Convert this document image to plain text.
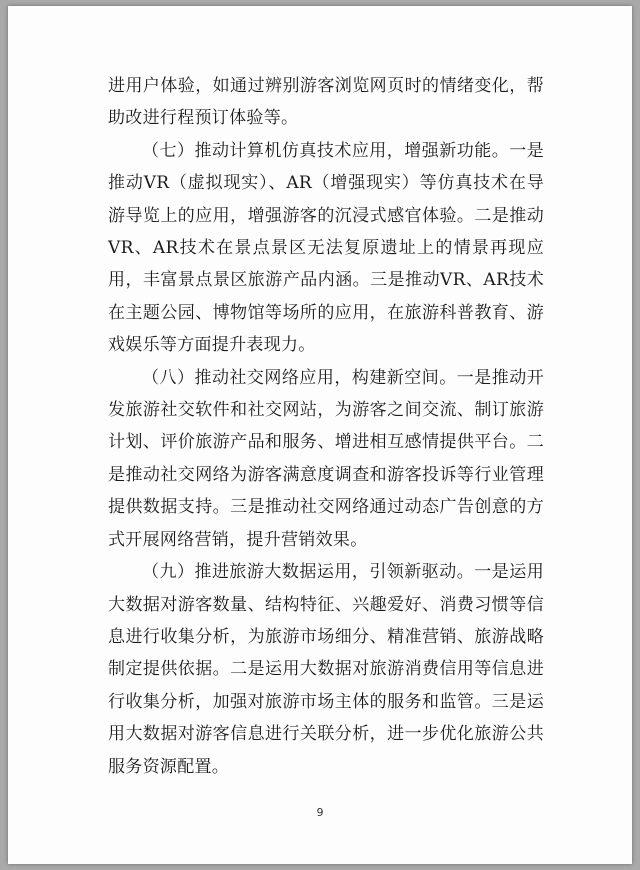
进用户体验，如通过辨别游客浏览网页时的情绪变化，帮助改进行程预订体验等。

（七）推动计算机仿真技术应用，增强新功能。一是推动VR（虚拟现实）、AR（增强现实）等仿真技术在导游导览上的应用，增强游客的沉浸式感官体验。二是推动VR、AR技术在景点景区无法复原遗址上的情景再现应用，丰富景点景区旅游产品内涵。三是推动VR、AR技术在主题公园、博物馆等场所的应用，在旅游科普教育、游戏娱乐等方面提升表现力。

（八）推动社交网络应用，构建新空间。一是推动开发旅游社交软件和社交网站，为游客之间交流、制订旅游计划、评价旅游产品和服务、增进相互感情提供平台。二是推动社交网络为游客满意度调查和游客投诉等行业管理提供数据支持。三是推动社交网络通过动态广告创意的方式开展网络营销，提升营销效果。

（九）推进旅游大数据运用，引领新驱动。一是运用大数据对游客数量、结构特征、兴趣爱好、消费习惯等信息进行收集分析，为旅游市场细分、精准营销、旅游战略制定提供依据。二是运用大数据对旅游消费信用等信息进行收集分析，加强对旅游市场主体的服务和监管。三是运用大数据对游客信息进行关联分析，进一步优化旅游公共服务资源配置。

9
